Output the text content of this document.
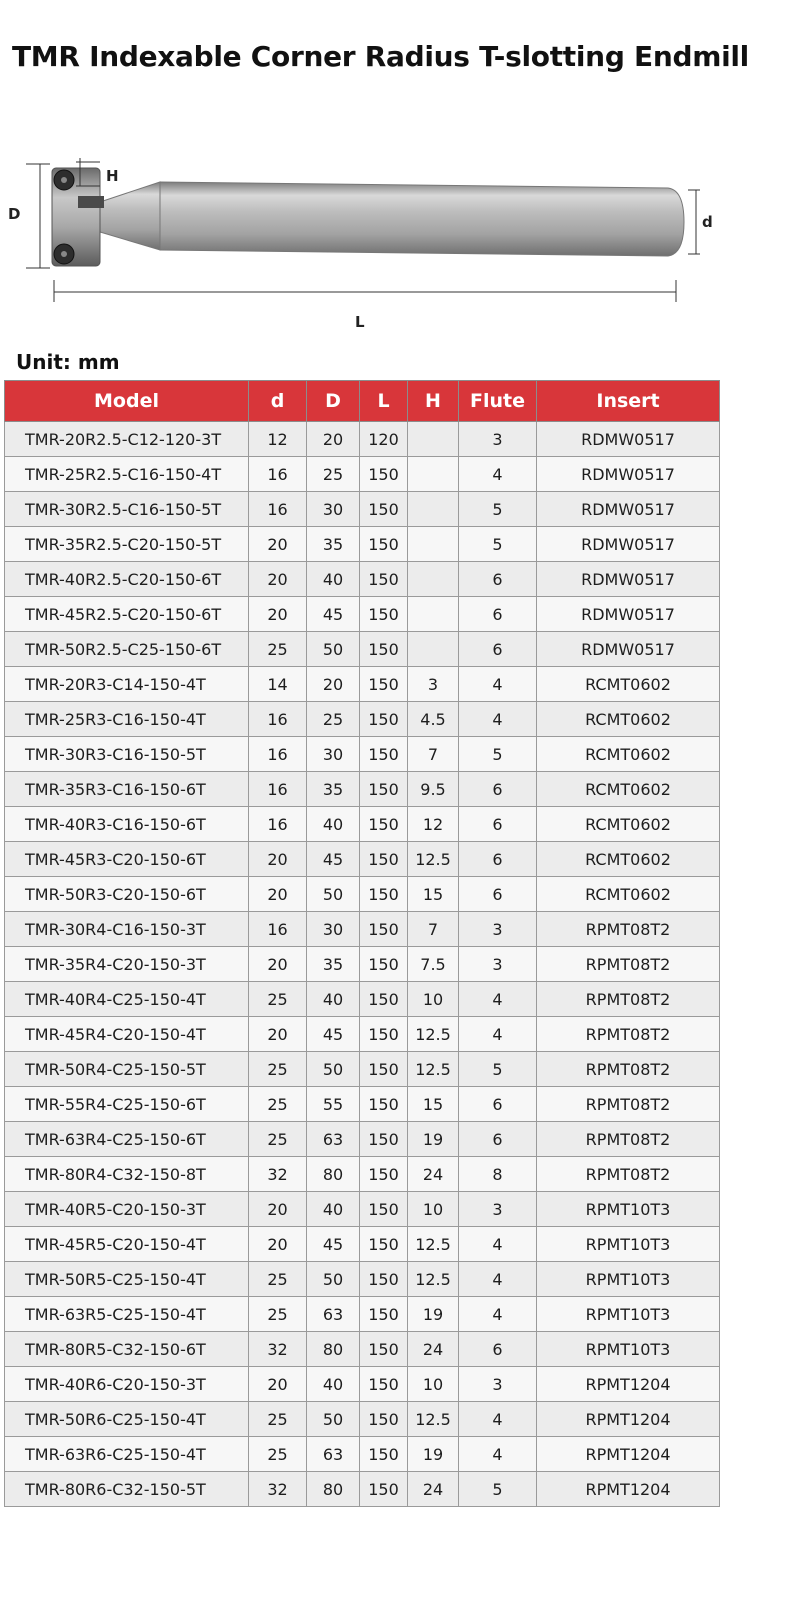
TMR Indexable Corner Radius T-slotting Endmill
D
H
d
L
Unit: mm
Model	d	D	L	H	Flute	Insert
TMR-20R2.5-C12-120-3T	12	20	120		3	RDMW0517
TMR-25R2.5-C16-150-4T	16	25	150		4	RDMW0517
TMR-30R2.5-C16-150-5T	16	30	150		5	RDMW0517
TMR-35R2.5-C20-150-5T	20	35	150		5	RDMW0517
TMR-40R2.5-C20-150-6T	20	40	150		6	RDMW0517
TMR-45R2.5-C20-150-6T	20	45	150		6	RDMW0517
TMR-50R2.5-C25-150-6T	25	50	150		6	RDMW0517
TMR-20R3-C14-150-4T	14	20	150	3	4	RCMT0602
TMR-25R3-C16-150-4T	16	25	150	4.5	4	RCMT0602
TMR-30R3-C16-150-5T	16	30	150	7	5	RCMT0602
TMR-35R3-C16-150-6T	16	35	150	9.5	6	RCMT0602
TMR-40R3-C16-150-6T	16	40	150	12	6	RCMT0602
TMR-45R3-C20-150-6T	20	45	150	12.5	6	RCMT0602
TMR-50R3-C20-150-6T	20	50	150	15	6	RCMT0602
TMR-30R4-C16-150-3T	16	30	150	7	3	RPMT08T2
TMR-35R4-C20-150-3T	20	35	150	7.5	3	RPMT08T2
TMR-40R4-C25-150-4T	25	40	150	10	4	RPMT08T2
TMR-45R4-C20-150-4T	20	45	150	12.5	4	RPMT08T2
TMR-50R4-C25-150-5T	25	50	150	12.5	5	RPMT08T2
TMR-55R4-C25-150-6T	25	55	150	15	6	RPMT08T2
TMR-63R4-C25-150-6T	25	63	150	19	6	RPMT08T2
TMR-80R4-C32-150-8T	32	80	150	24	8	RPMT08T2
TMR-40R5-C20-150-3T	20	40	150	10	3	RPMT10T3
TMR-45R5-C20-150-4T	20	45	150	12.5	4	RPMT10T3
TMR-50R5-C25-150-4T	25	50	150	12.5	4	RPMT10T3
TMR-63R5-C25-150-4T	25	63	150	19	4	RPMT10T3
TMR-80R5-C32-150-6T	32	80	150	24	6	RPMT10T3
TMR-40R6-C20-150-3T	20	40	150	10	3	RPMT1204
TMR-50R6-C25-150-4T	25	50	150	12.5	4	RPMT1204
TMR-63R6-C25-150-4T	25	63	150	19	4	RPMT1204
TMR-80R6-C32-150-5T	32	80	150	24	5	RPMT1204
